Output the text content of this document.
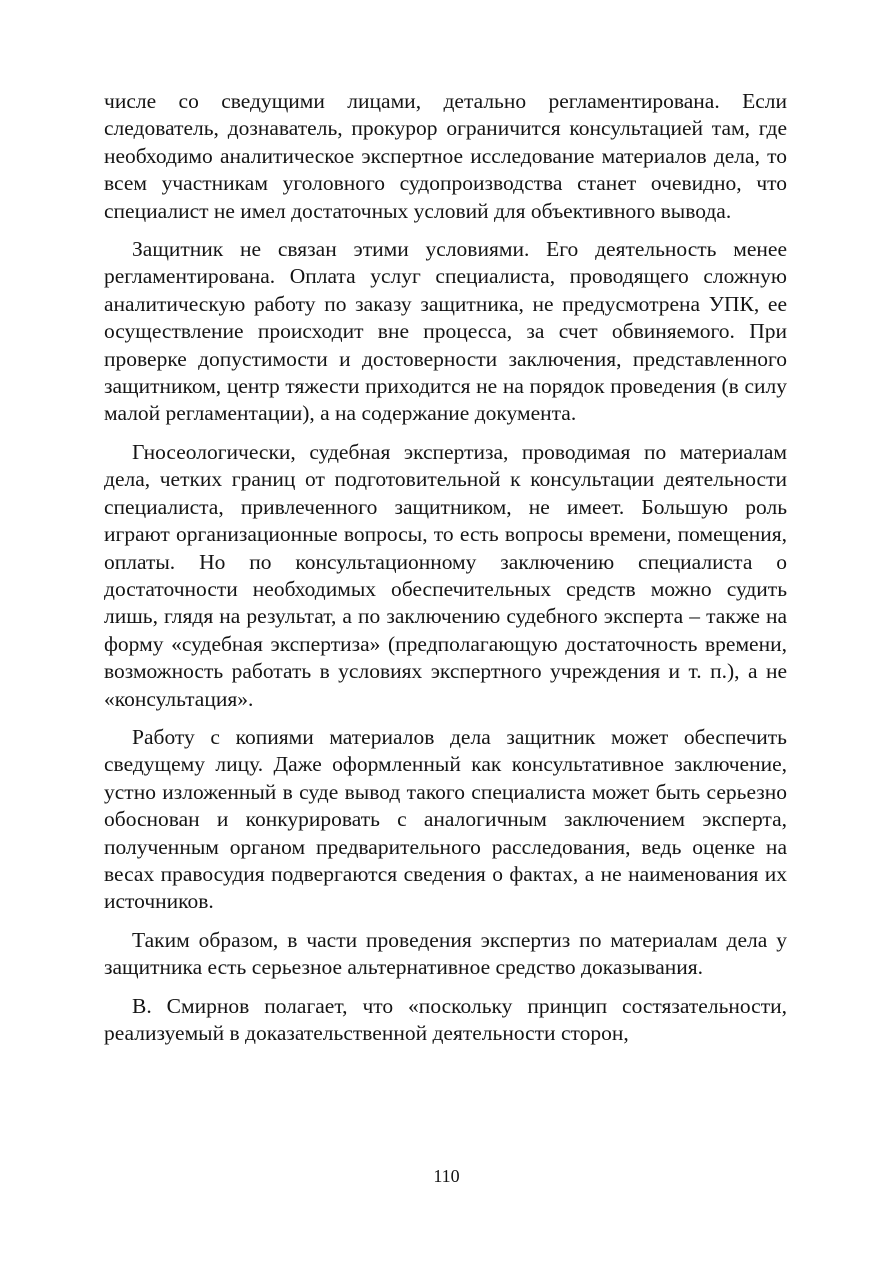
числе со сведущими лицами, детально регламентирована. Если следователь, дознаватель, прокурор ограничится консультацией там, где необходимо аналитическое экспертное исследование материалов дела, то всем участникам уголовного судопроизводства станет очевидно, что специалист не имел достаточных условий для объективного вывода.

Защитник не связан этими условиями. Его деятельность менее регламентирована. Оплата услуг специалиста, проводящего сложную аналитическую работу по заказу защитника, не предусмотрена УПК, ее осуществление происходит вне процесса, за счет обвиняемого. При проверке допустимости и достоверности заключения, представленного защитником, центр тяжести приходится не на порядок проведения (в силу малой регламентации), а на содержание документа.

Гносеологически, судебная экспертиза, проводимая по материалам дела, четких границ от подготовительной к консультации деятельности специалиста, привлеченного защитником, не имеет. Большую роль играют организационные вопросы, то есть вопросы времени, помещения, оплаты. Но по консультационному заключению специалиста о достаточности необходимых обеспечительных средств можно судить лишь, глядя на результат, а по заключению судебного эксперта – также на форму «судебная экспертиза» (предполагающую достаточность времени, возможность работать в условиях экспертного учреждения и т. п.), а не «консультация».

Работу с копиями материалов дела защитник может обеспечить сведущему лицу. Даже оформленный как консультативное заключение, устно изложенный в суде вывод такого специалиста может быть серьезно обоснован и конкурировать с аналогичным заключением эксперта, полученным органом предварительного расследования, ведь оценке на весах правосудия подвергаются сведения о фактах, а не наименования их источников.

Таким образом, в части проведения экспертиз по материалам дела у защитника есть серьезное альтернативное средство доказывания.

В. Смирнов полагает, что «поскольку принцип состязательности, реализуемый в доказательственной деятельности сторон,

110
